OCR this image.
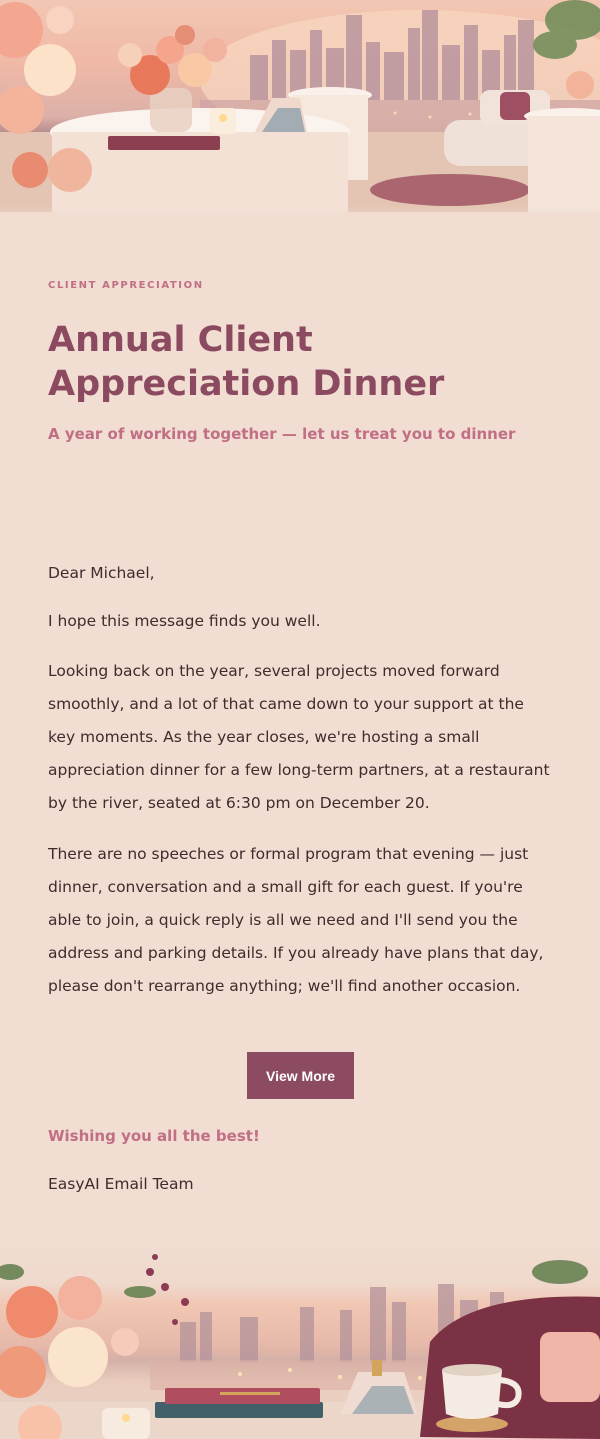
CLIENT APPRECIATION
Annual Client Appreciation Dinner
A year of working together — let us treat you to dinner

Dear Michael,

I hope this message finds you well.

Looking back on the year, several projects moved forward smoothly, and a lot of that came down to your support at the key moments. As the year closes, we're hosting a small appreciation dinner for a few long-term partners, at a restaurant by the river, seated at 6:30 pm on December 20.

There are no speeches or formal program that evening — just dinner, conversation and a small gift for each guest. If you're able to join, a quick reply is all we need and I'll send you the address and parking details. If you already have plans that day, please don't rearrange anything; we'll find another occasion.

View More
Wishing you all the best!
EasyAI Email Team
